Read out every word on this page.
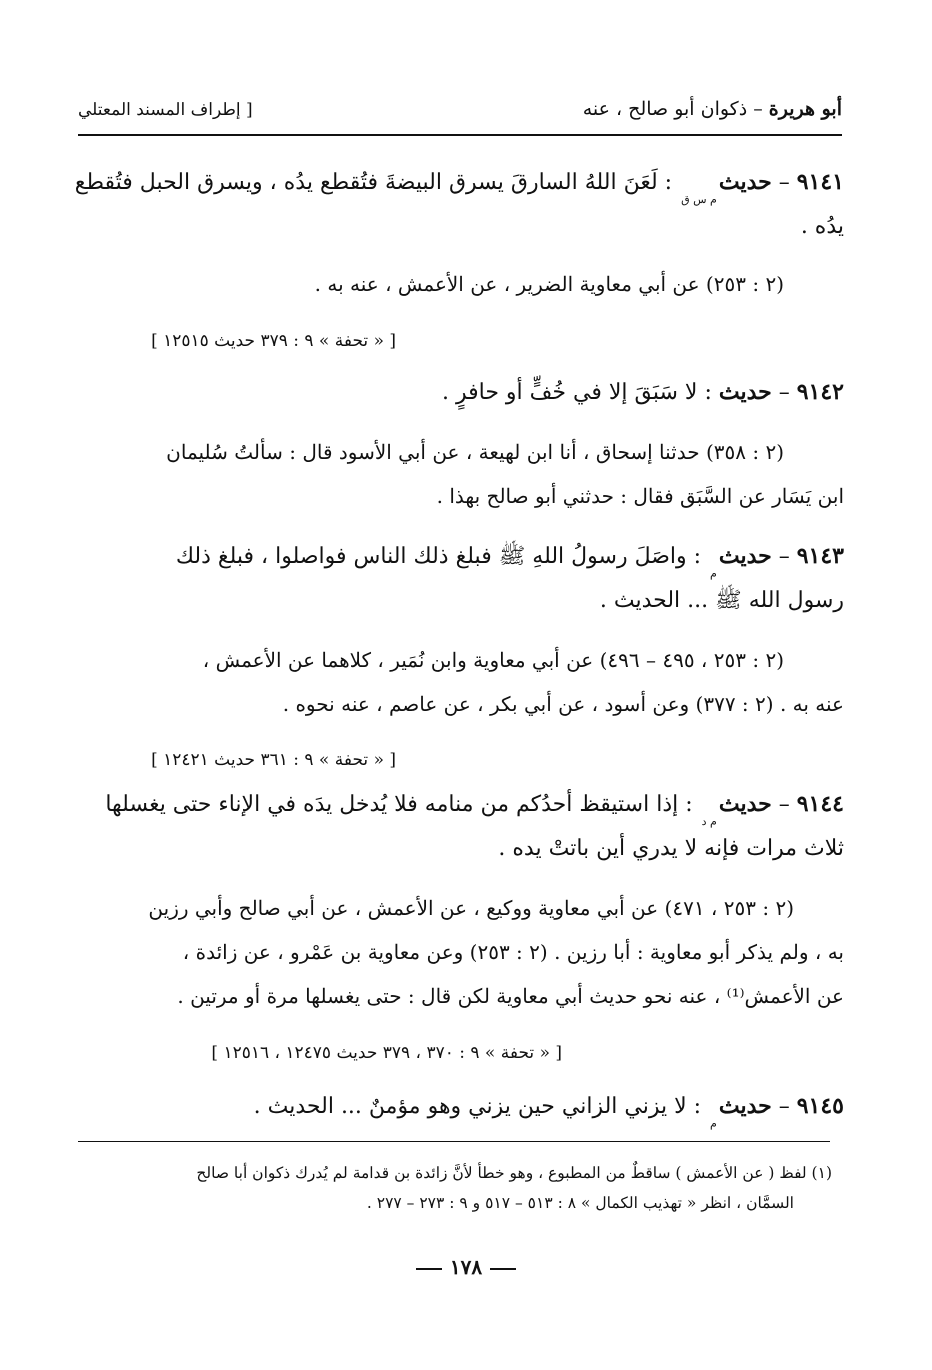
أبو هريرة – ذكوان أبو صالح ، عنه
[ إطراف المسند المعتلي
٩١٤١ – حديثم س ق : لَعَنَ اللهُ السارقَ يسرق البيضةَ فتُقطع يدُه ، ويسرق الحبل فتُقطع
يدُه .
(٢ : ٢٥٣) عن أبي معاوية الضرير ، عن الأعمش ، عنه به .
[ « تحفة » ٩ : ٣٧٩ حديث ١٢٥١٥ ]
٩١٤٢ – حديث : لا سَبَقَ إلا في خُفٍّ أو حافرٍ .
(٢ : ٣٥٨) حدثنا إسحاق ، أنا ابن لهيعة ، عن أبي الأسود قال : سألتُ سُليمان
ابن يَسَار عن السَّبَق فقال : حدثني أبو صالح بهذا .
٩١٤٣ – حديثم : واصَلَ رسولُ اللهِ ﷺ فبلغ ذلك الناس فواصلوا ، فبلغ ذلك
رسول الله ﷺ ... الحديث .
(٢ : ٢٥٣ ، ٤٩٥ – ٤٩٦) عن أبي معاوية وابن نُمَير ، كلاهما عن الأعمش ،
عنه به . (٢ : ٣٧٧) وعن أسود ، عن أبي بكر ، عن عاصم ، عنه نحوه .
[ « تحفة » ٩ : ٣٦١ حديث ١٢٤٢١ ]
٩١٤٤ – حديثم د : إذا استيقظ أحدُكم من منامه فلا يُدخل يدَه في الإناء حتى يغسلها
ثلاث مرات فإنه لا يدري أين باتتْ يده .
(٢ : ٢٥٣ ، ٤٧١) عن أبي معاوية ووكيع ، عن الأعمش ، عن أبي صالح وأبي رزين
به ، ولم يذكر أبو معاوية : أبا رزين . (٢ : ٢٥٣) وعن معاوية بن عَمْرو ، عن زائدة ،
عن الأعمش⁽¹⁾ ، عنه نحو حديث أبي معاوية لكن قال : حتى يغسلها مرة أو مرتين .
[ « تحفة » ٩ : ٣٧٠ ، ٣٧٩ حديث ١٢٤٧٥ ، ١٢٥١٦ ]
٩١٤٥ – حديثم : لا يزني الزاني حين يزني وهو مؤمنٌ ... الحديث .
(١) لفظ ( عن الأعمش ) ساقطٌ من المطبوع ، وهو خطأ لأنَّ زائدة بن قدامة لم يُدرك ذكوان أبا صالح
السمَّان ، انظر « تهذيب الكمال » ٨ : ٥١٣ – ٥١٧ و ٩ : ٢٧٣ – ٢٧٧ .
١٧٨
